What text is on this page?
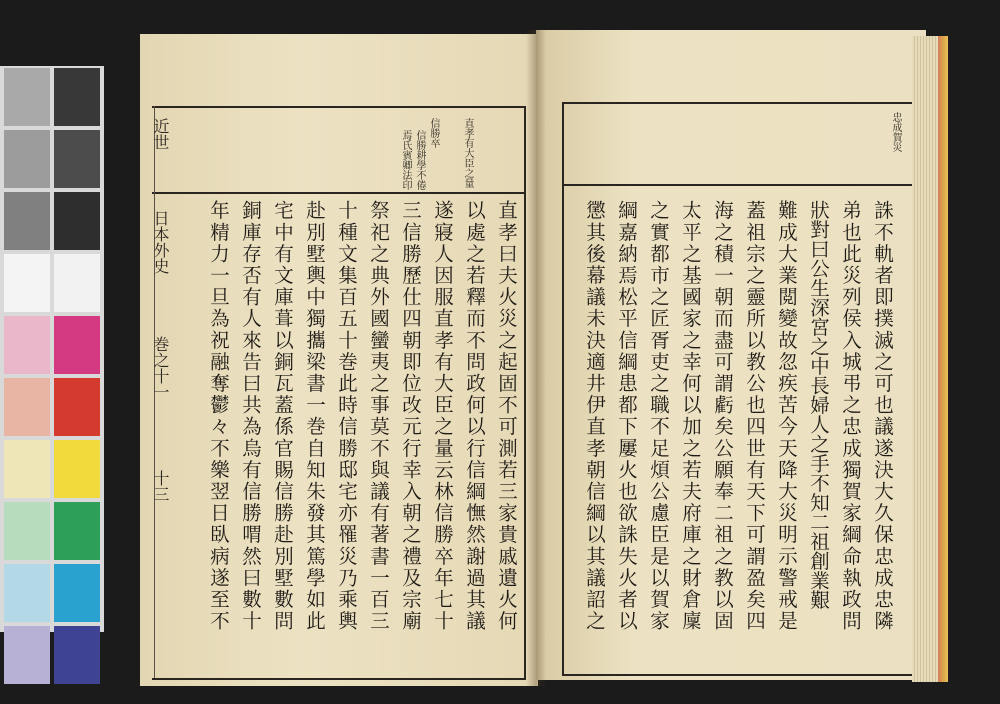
直孝有大臣之量
信勝卒
信勝耕學不倦
焉氏賓卿法印
近世
日本外史
巻之十一
十三
忠成賀災
直孝曰夫火災之起固不可測若三家貴戚遺火何
以處之若釋而不問政何以行信綱憮然謝過其議
遂寢人因服直孝有大臣之量云林信勝卒年七十
三信勝歷仕四朝即位改元行幸入朝之禮及宗廟
祭祀之典外國蠻夷之事莫不與議有著書一百三
十種文集百五十巻此時信勝邸宅亦罹災乃乘輿
赴別墅輿中獨攜梁書一巻自知朱發其篤學如此
宅中有文庫葺以銅瓦蓋係官賜信勝赴別墅數問
銅庫存否有人來告曰共為烏有信勝喟然曰數十
年精力一旦為祝融奪鬱々不樂翌日臥病遂至不	誅不軌者即撲滅之可也議遂決大久保忠成忠隣
弟也此災列侯入城弔之忠成獨賀家綱命執政問
狀對曰公生深宮之中長婦人之手不知二祖創業艱
難成大業閲變故忽疾苦今天降大災明示警戒是
蓋祖宗之靈所以教公也四世有天下可謂盈矣四
海之積一朝而盡可謂虧矣公願奉二祖之教以固
太平之基國家之幸何以加之若夫府庫之財倉廩
之實都市之匠胥吏之職不足煩公慮臣是以賀家
綱嘉納焉松平信綱患都下屢火也欲誅失火者以
懲其後幕議未決適井伊直孝朝信綱以其議詔之
